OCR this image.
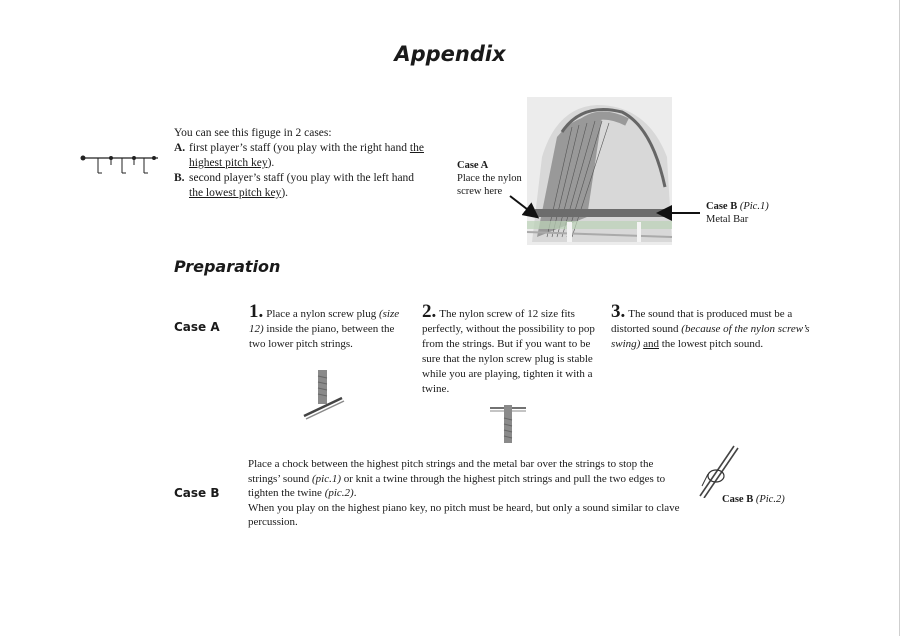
Appendix
You can see this figuge in 2 cases:
A. first player’s staff (you play with the right hand the highest pitch key).
B. second player’s staff (you play with the left hand the lowest pitch key).
Case A
Place the nylon
screw here
Case B (Pic.1)
Metal Bar
Preparation
Case A
1. Place a nylon screw plug (size 12) inside the piano, between the two lower pitch strings.
2. The nylon screw of 12 size fits perfectly, without the possibility to pop from the strings. But if you want to be sure that the nylon screw plug is stable while you are playing, tighten it with a twine.
3. The sound that is produced must be a distorted sound (because of the nylon screw’s swing) and the lowest pitch sound.
Case B
Place a chock between the highest pitch strings and the metal bar over the strings to stop the strings’ sound (pic.1) or knit a twine through the highest pitch strings and pull the two edges to tighten the twine (pic.2).
When you play on the highest piano key, no pitch must be heard, but only a sound similar to clave percussion.
Case B (Pic.2)
